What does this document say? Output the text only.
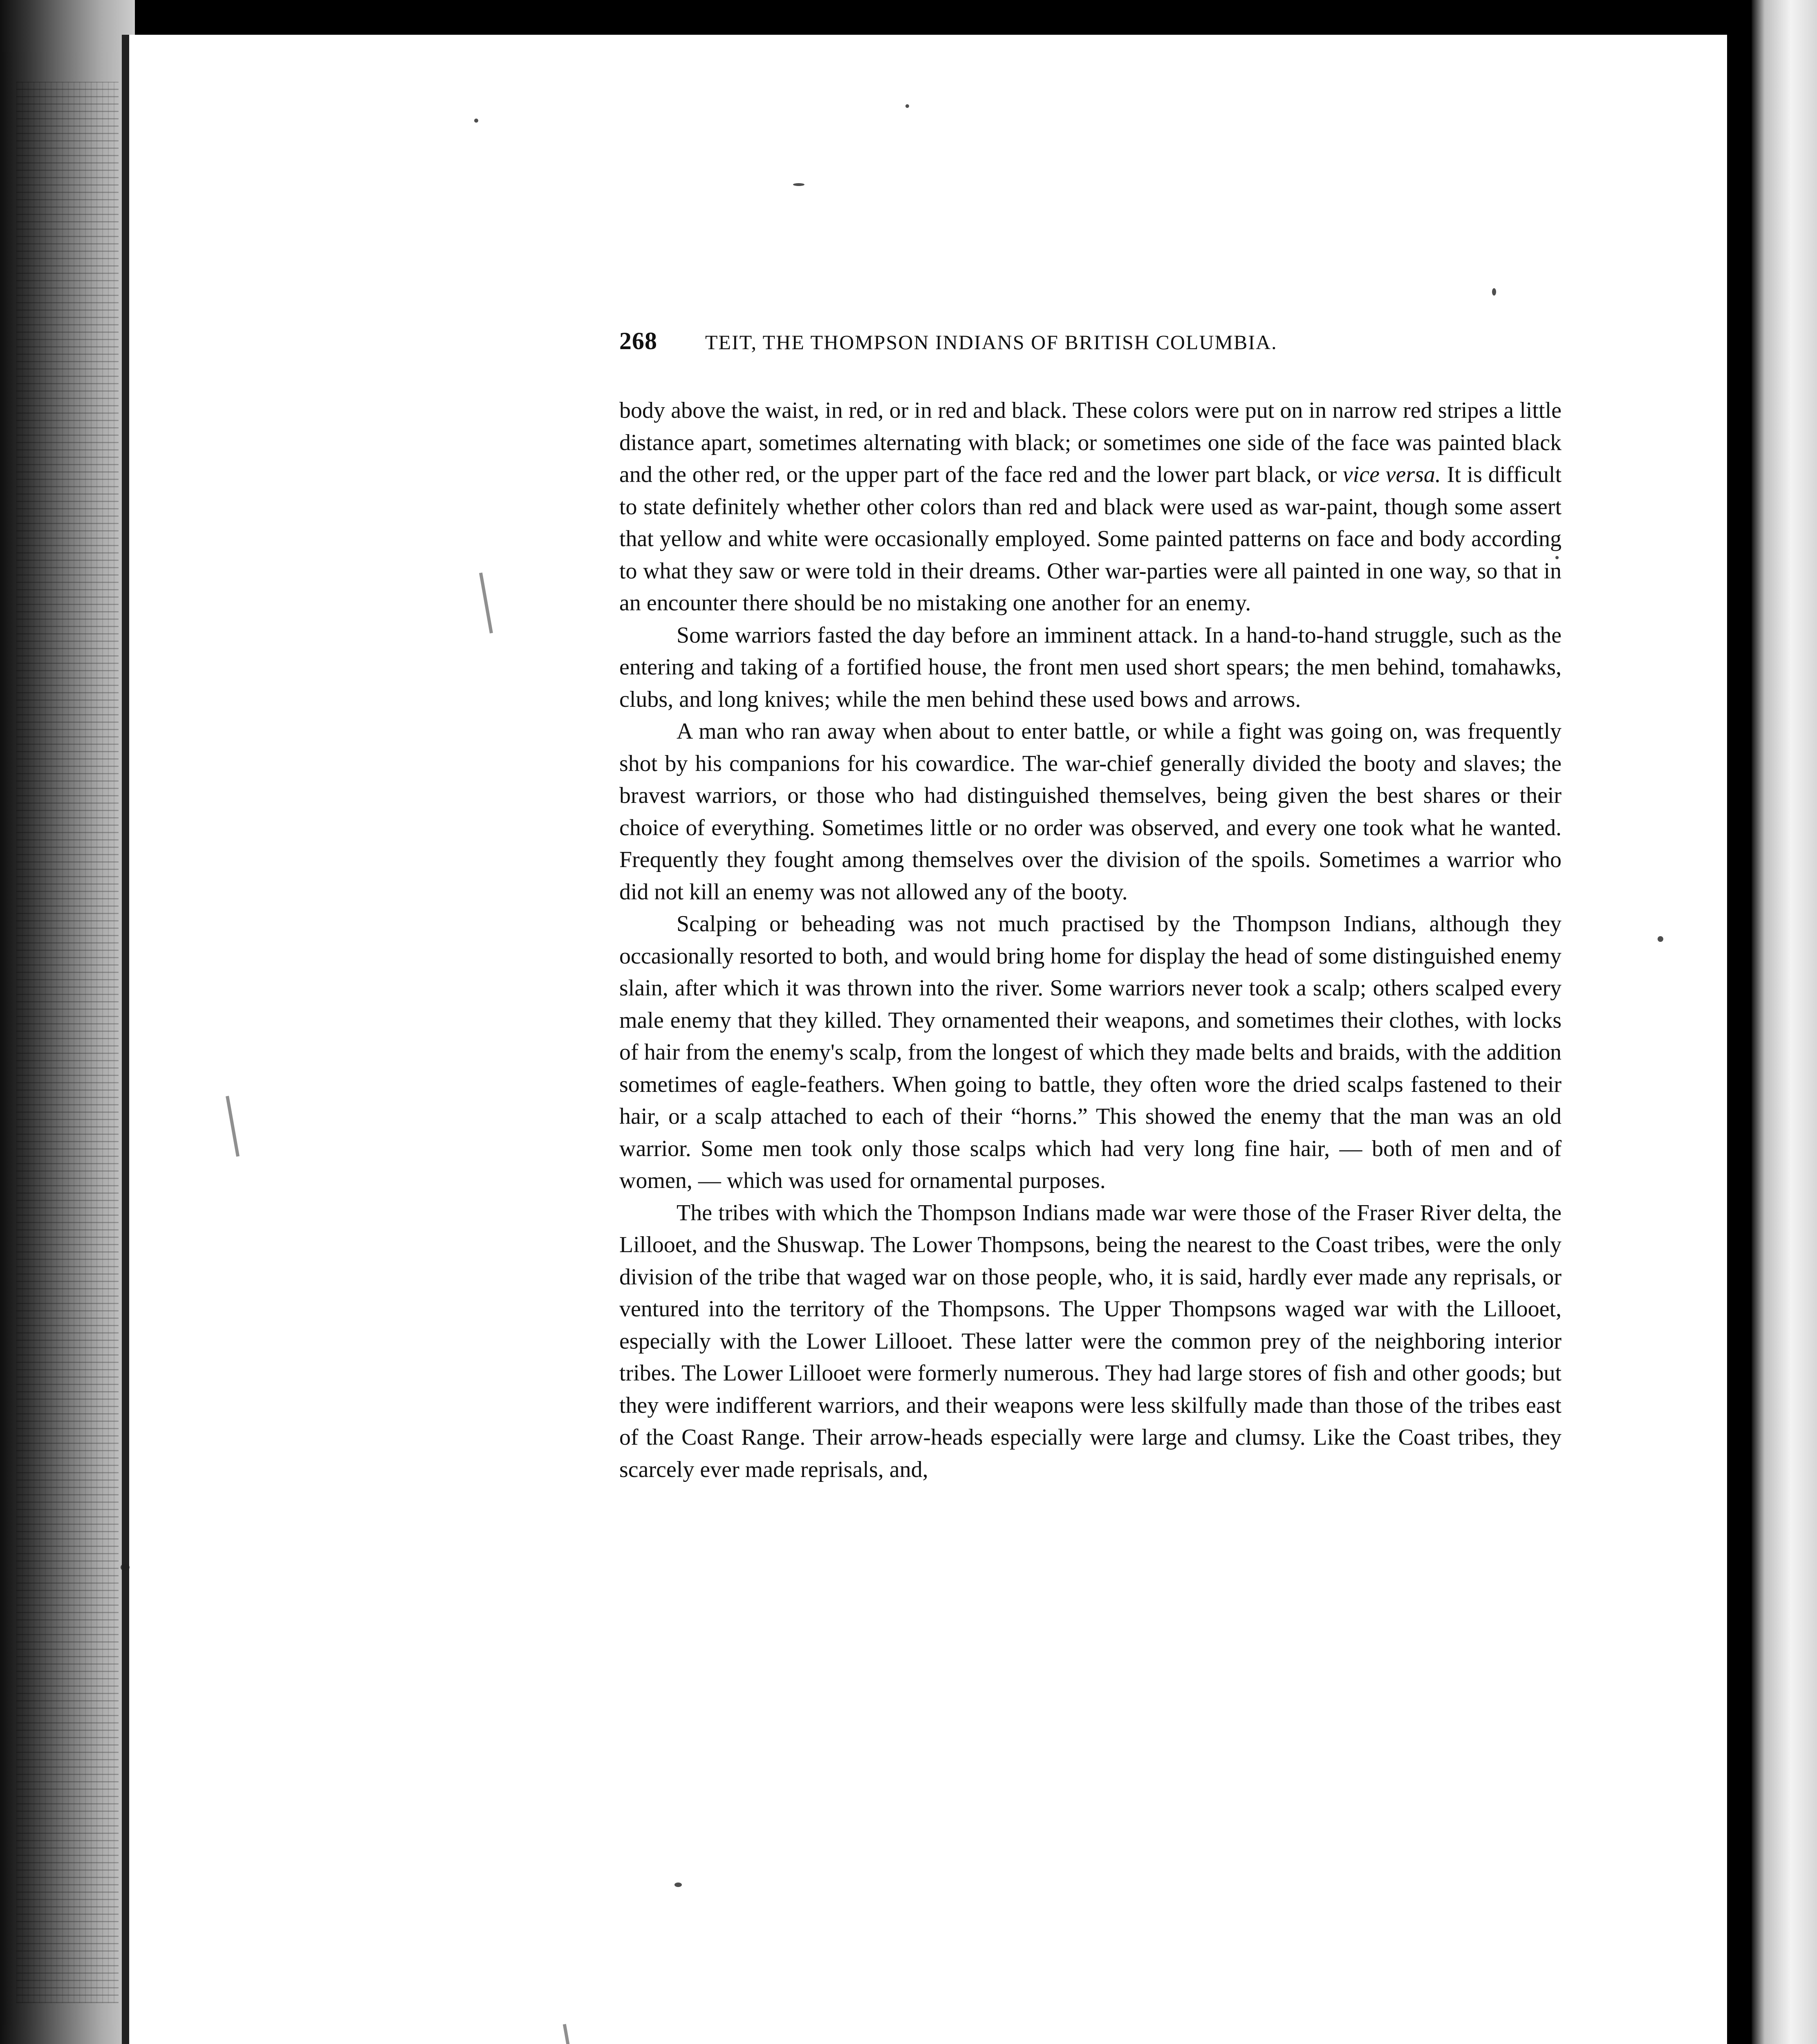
268 TEIT, THE THOMPSON INDIANS OF BRITISH COLUMBIA.

body above the waist, in red, or in red and black. These colors were put on in narrow red stripes a little distance apart, sometimes alternating with black; or sometimes one side of the face was painted black and the other red, or the upper part of the face red and the lower part black, or vice versa. It is difficult to state definitely whether other colors than red and black were used as war-paint, though some assert that yellow and white were occasionally employed. Some painted patterns on face and body according to what they saw or were told in their dreams. Other war-parties were all painted in one way, so that in an encounter there should be no mistaking one another for an enemy.

Some warriors fasted the day before an imminent attack. In a hand-to-hand struggle, such as the entering and taking of a fortified house, the front men used short spears; the men behind, tomahawks, clubs, and long knives; while the men behind these used bows and arrows.

A man who ran away when about to enter battle, or while a fight was going on, was frequently shot by his companions for his cowardice. The war-chief generally divided the booty and slaves; the bravest warriors, or those who had distinguished themselves, being given the best shares or their choice of everything. Sometimes little or no order was observed, and every one took what he wanted. Frequently they fought among themselves over the division of the spoils. Sometimes a warrior who did not kill an enemy was not allowed any of the booty.

Scalping or beheading was not much practised by the Thompson Indians, although they occasionally resorted to both, and would bring home for display the head of some distinguished enemy slain, after which it was thrown into the river. Some warriors never took a scalp; others scalped every male enemy that they killed. They ornamented their weapons, and sometimes their clothes, with locks of hair from the enemy's scalp, from the longest of which they made belts and braids, with the addition sometimes of eagle-feathers. When going to battle, they often wore the dried scalps fastened to their hair, or a scalp attached to each of their “horns.” This showed the enemy that the man was an old warrior. Some men took only those scalps which had very long fine hair, — both of men and of women, — which was used for ornamental purposes.

The tribes with which the Thompson Indians made war were those of the Fraser River delta, the Lillooet, and the Shuswap. The Lower Thompsons, being the nearest to the Coast tribes, were the only division of the tribe that waged war on those people, who, it is said, hardly ever made any reprisals, or ventured into the territory of the Thompsons. The Upper Thompsons waged war with the Lillooet, especially with the Lower Lillooet. These latter were the common prey of the neighboring interior tribes. The Lower Lillooet were formerly numerous. They had large stores of fish and other goods; but they were indifferent warriors, and their weapons were less skilfully made than those of the tribes east of the Coast Range. Their arrow-heads especially were large and clumsy. Like the Coast tribes, they scarcely ever made reprisals, and,
